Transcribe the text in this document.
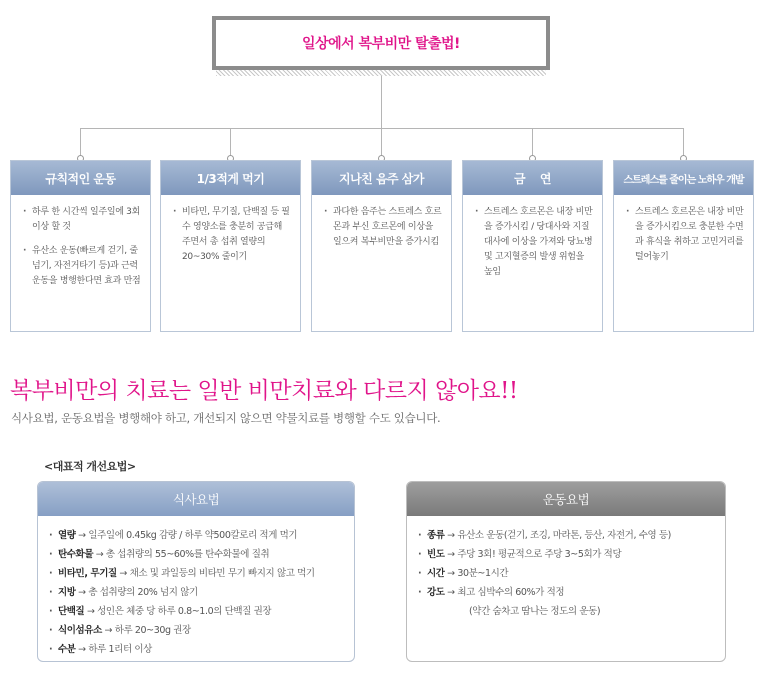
일상에서 복부비만 탈출법!
규칙적인 운동
· 하루 한 시간씩 일주일에 3회 이상 할 것
· 유산소 운동(빠르게 걷기, 줄넘기, 자전거타기 등)과 근력운동을 병행한다면 효과 만점
1/3적게 먹기
· 비타민, 무기질, 단백질 등 필수 영양소를 충분히 공급해 주면서 총 섭취 열량의 20~30% 줄이기
지나친 음주 삼가
· 과다한 음주는 스트레스 호르몬과 부신 호르몬에 이상을 일으켜 복부비만을 증가시킴
금    연
· 스트레스 호르몬은 내장 비만을 증가시킴 / 당대사와 지질대사에 이상을 가져와 당뇨병 및 고지혈증의 발생 위험을 높임
스트레스를 줄이는 노하우 개발
· 스트레스 호르몬은 내장 비만을 증가시킴으로 충분한 수면과 휴식을 취하고 고민거리를 털어놓기
복부비만의 치료는 일반 비만치료와 다르지 않아요!!
식사요법, 운동요법을 병행해야 하고, 개선되지 않으면 약물치료를 병행할 수도 있습니다.
<대표적 개선요법>
식사요법
· 열량 → 일주일에 0.45kg 감량 / 하루 약500칼로리 적게 먹기
· 탄수화물 → 총 섭취량의 55~60%를 탄수화물에 질취
· 비타민, 무기질 → 채소 및 과일등의 비타민 무기 빠지지 않고 먹기
· 지방 → 총 섭취량의 20% 넘지 않기
· 단백질 → 성인은 체중 당 하루 0.8~1.0의 단백질 권장
· 식이섬유소 → 하루 20~30g 권장
· 수분 → 하루 1리터 이상
운동요법
· 종류 → 유산소 운동(걷기, 조깅, 마라톤, 등산, 자전거, 수영 등)
· 빈도 → 주당 3회! 평균적으로 주당 3~5회가 적당
· 시간 → 30분~1시간
· 강도 → 최고 심박수의 60%가 적정
(약간 숨차고 땀나는 정도의 운동)
